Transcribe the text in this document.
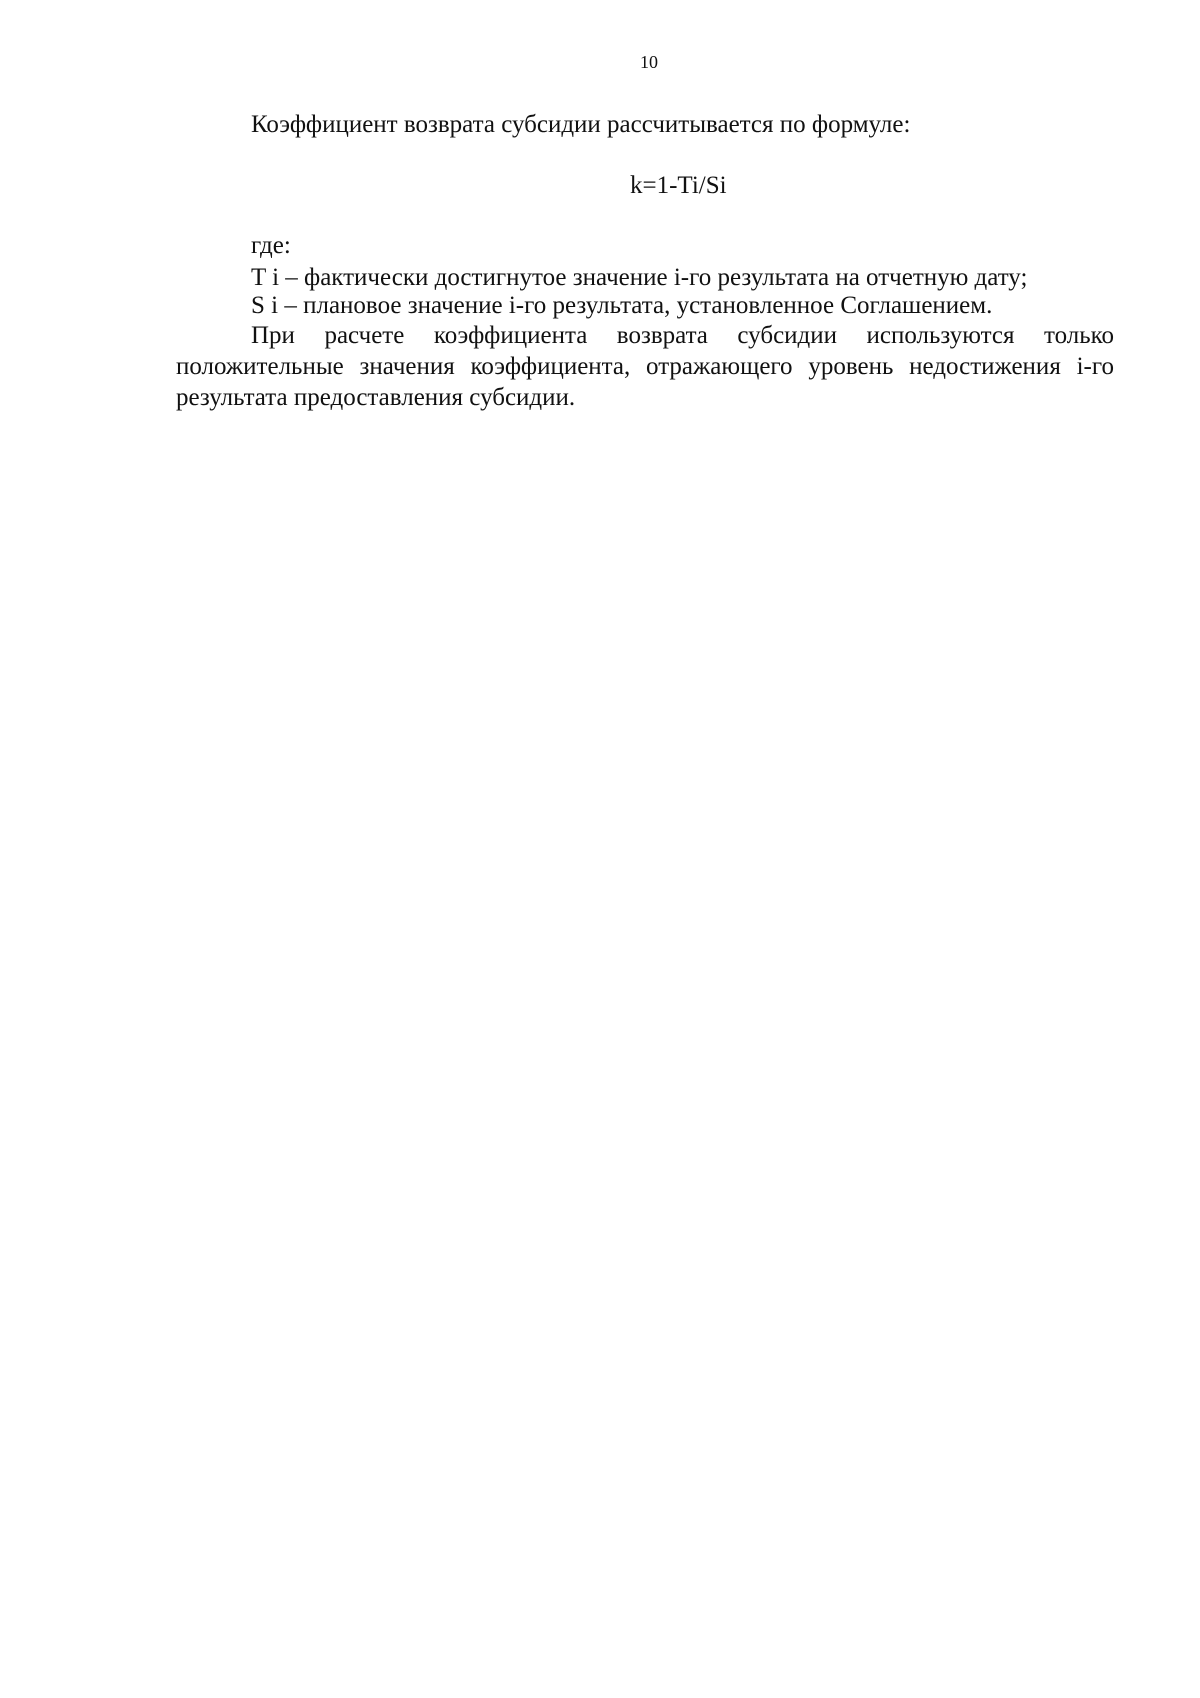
10
Коэффициент возврата субсидии рассчитывается по формуле:
k=1-Ti/Si
где:
T i – фактически достигнутое значение i-го результата на отчетную дату;
S i – плановое значение i-го результата, установленное Соглашением.

При расчете коэффициента возврата субсидии используются только положительные значения коэффициента, отражающего уровень недостижения i-го результата предоставления субсидии.
